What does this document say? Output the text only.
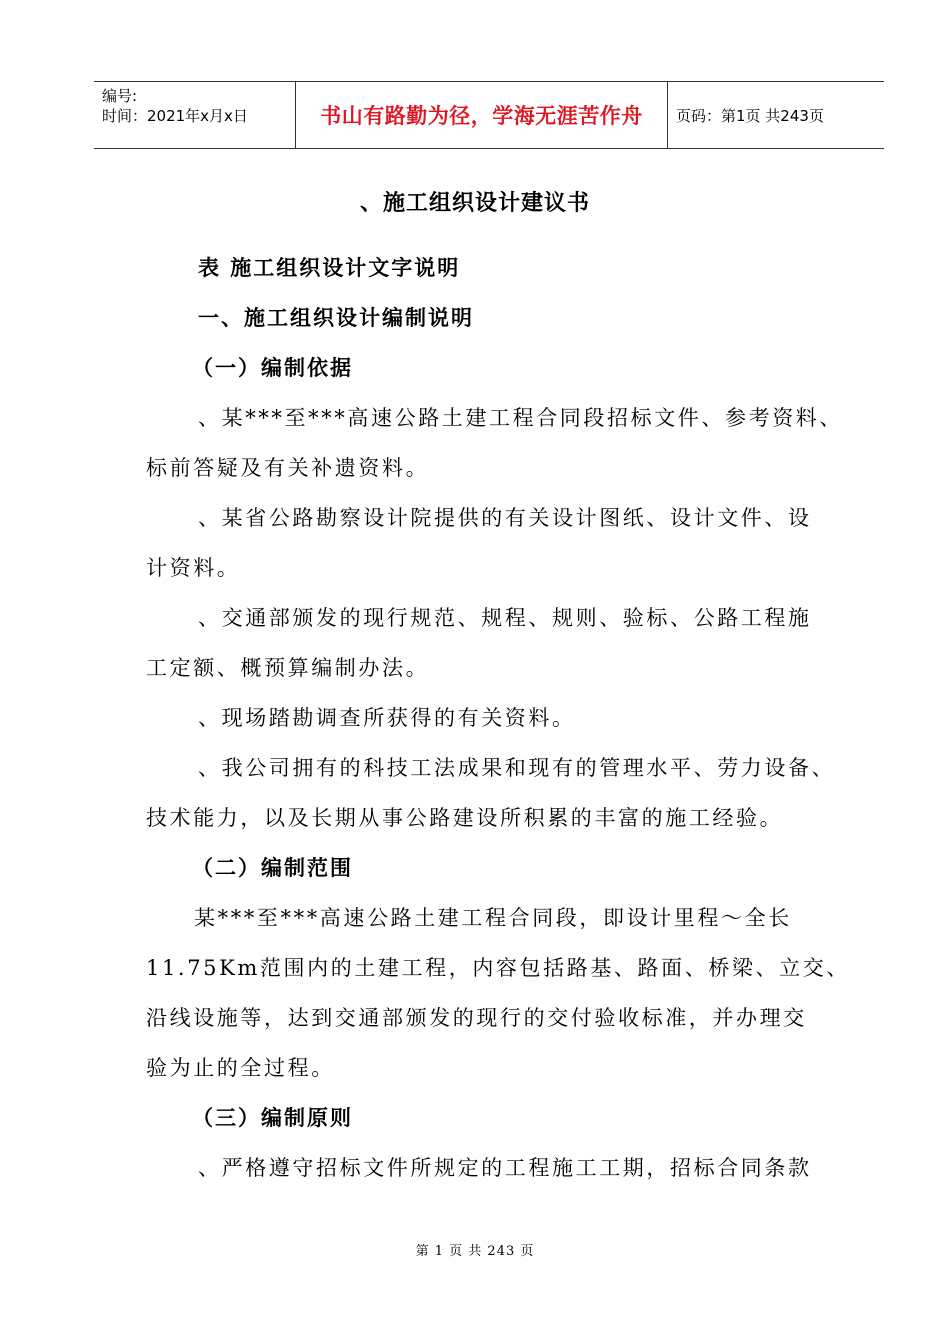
编号:
时间：2021年x月x日	书山有路勤为径，学海无涯苦作舟	页码：第1页 共243页
、施工组织设计建议书
表 施工组织设计文字说明
一、施工组织设计编制说明
（一）编制依据
、某***至***高速公路土建工程合同段招标文件、参考资料、
标前答疑及有关补遗资料。
、某省公路勘察设计院提供的有关设计图纸、设计文件、设
计资料。
、交通部颁发的现行规范、规程、规则、验标、公路工程施
工定额、概预算编制办法。
、现场踏勘调查所获得的有关资料。
、我公司拥有的科技工法成果和现有的管理水平、劳力设备、
技术能力，以及长期从事公路建设所积累的丰富的施工经验。
（二）编制范围
某***至***高速公路土建工程合同段，即设计里程～全长
11.75Km范围内的土建工程，内容包括路基、路面、桥梁、立交、
沿线设施等，达到交通部颁发的现行的交付验收标准，并办理交
验为止的全过程。
（三）编制原则
、严格遵守招标文件所规定的工程施工工期，招标合同条款
第 1 页 共 243 页
